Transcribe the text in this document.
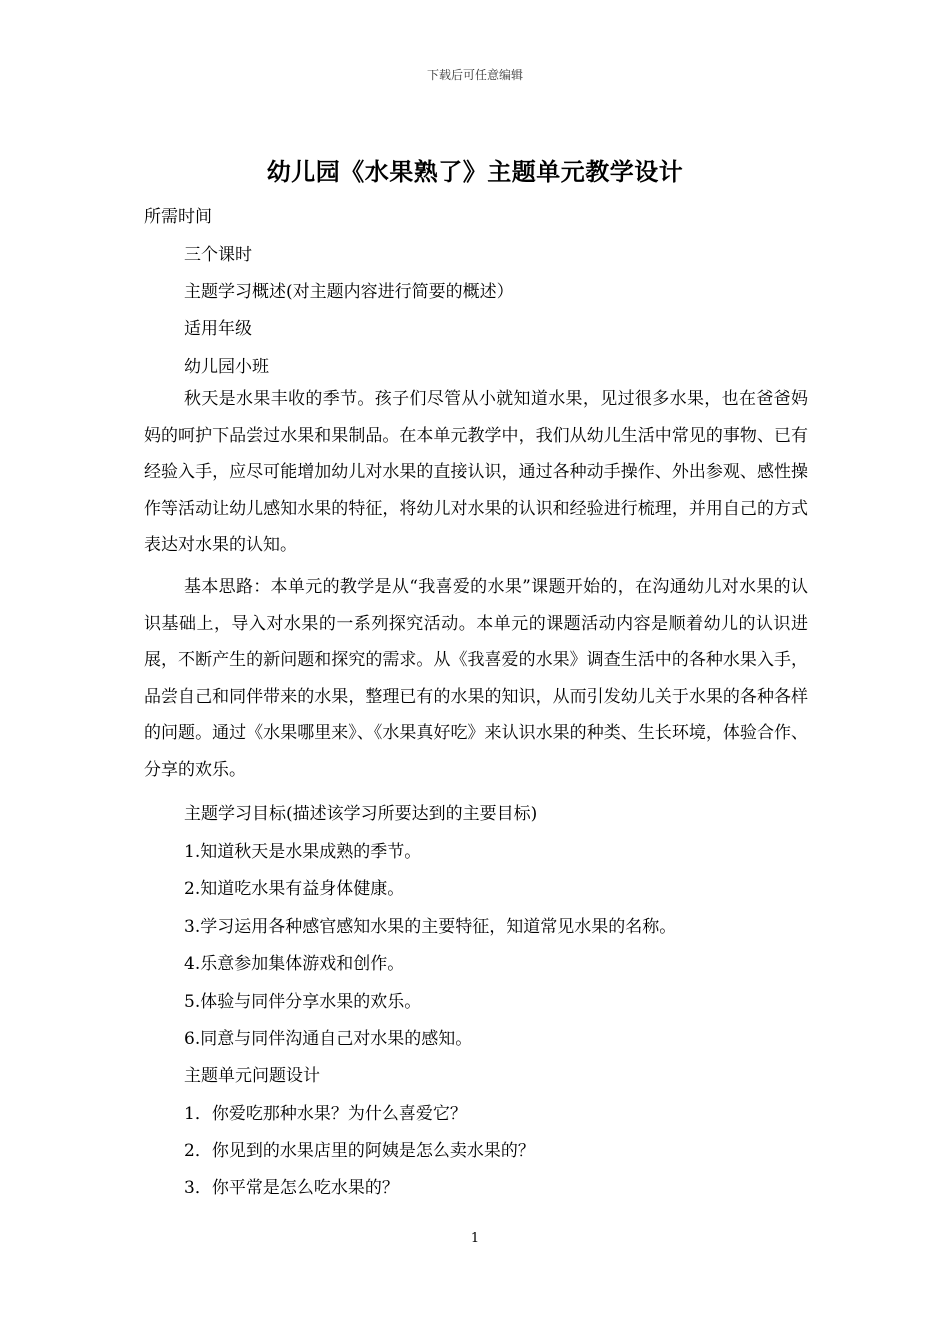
下载后可任意编辑
幼儿园《水果熟了》主题单元教学设计
所需时间
三个课时
主题学习概述(对主题内容进行简要的概述）
适用年级
幼儿园小班
秋天是水果丰收的季节。孩子们尽管从小就知道水果，见过很多水果，也在爸爸妈妈的呵护下品尝过水果和果制品。在本单元教学中，我们从幼儿生活中常见的事物、已有经验入手，应尽可能增加幼儿对水果的直接认识，通过各种动手操作、外出参观、感性操作等活动让幼儿感知水果的特征，将幼儿对水果的认识和经验进行梳理，并用自己的方式表达对水果的认知。
基本思路：本单元的教学是从“我喜爱的水果”课题开始的，在沟通幼儿对水果的认识基础上，导入对水果的一系列探究活动。本单元的课题活动内容是顺着幼儿的认识进展，不断产生的新问题和探究的需求。从《我喜爱的水果》调查生活中的各种水果入手，品尝自己和同伴带来的水果，整理已有的水果的知识，从而引发幼儿关于水果的各种各样的问题。通过《水果哪里来》、《水果真好吃》来认识水果的种类、生长环境，体验合作、分享的欢乐。
主题学习目标(描述该学习所要达到的主要目标)
1.知道秋天是水果成熟的季节。
2.知道吃水果有益身体健康。
3.学习运用各种感官感知水果的主要特征，知道常见水果的名称。
4.乐意参加集体游戏和创作。
5.体验与同伴分享水果的欢乐。
6.同意与同伴沟通自己对水果的感知。
主题单元问题设计
1．你爱吃那种水果？为什么喜爱它？
2．你见到的水果店里的阿姨是怎么卖水果的？
3．你平常是怎么吃水果的？
1
